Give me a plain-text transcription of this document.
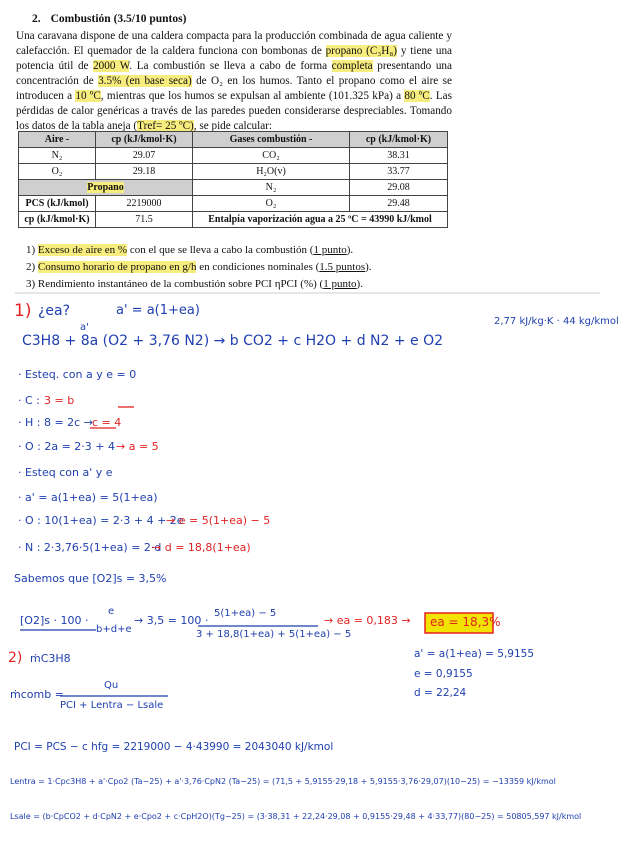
2. Combustión (3.5/10 puntos)

Una caravana dispone de una caldera compacta para la producción combinada de agua caliente y calefacción. El quemador de la caldera funciona con bombonas de propano (C₃H₈) y tiene una potencia útil de 2000 W. La combustión se lleva a cabo de forma completa presentando una concentración de 3.5% (en base seca) de O₂ en los humos. Tanto el propano como el aire se introducen a 10 ºC, mientras que los humos se expulsan al ambiente (101.325 kPa) a 80 ºC. Las pérdidas de calor genéricas a través de las paredes pueden considerarse despreciables. Tomando los datos de la tabla aneja (Tref= 25 ºC), se pide calcular:

Aire -	cp (kJ/kmol·K)	Gases combustión -	cp (kJ/kmol·K)
N₂	29.07	CO₂	38.31
O₂	29.18	H₂O(v)	33.77
Propano		N₂	29.08
PCS (kJ/kmol)	2219000	O₂	29.48
cp (kJ/kmol·K)	71.5	Entalpía vaporización agua a 25 ºC = 43990 kJ/kmol	
1) Exceso de aire en % con el que se lleva a cabo la combustión (1 punto).
2) Consumo horario de propano en g/h en condiciones nominales (1.5 puntos).
3) Rendimiento instantáneo de la combustión sobre PCI ηPCI (%) (1 punto).
1) ¿ea?	a' = a(1+ea)
2,77 kJ/kg·K · 44 kg/kmol
a'
C3H8 + 8a (O2 + 3,76 N2) → b CO2 + c H2O + d N2 + e O2
· Esteq. con a y e = 0
· C : 3 = b
· H : 8 = 2c → c = 4
· O : 2a = 2·3 + 4 → a = 5
· Esteq con a' y e
· a' = a(1+ea) = 5(1+ea)
· O : 10(1+ea) = 2·3 + 4 + 2e
→ e = 5(1+ea) − 5
· N : 2·3,76·5(1+ea) = 2·d
→ d = 18,8(1+ea)
Sabemos que [O2]s = 3,5%
[O2]s · 100 ·
e
b+d+e
→ 3,5 = 100 ·
5(1+ea) − 5
3 + 18,8(1+ea) + 5(1+ea) − 5
→ ea = 0,183 → ea = 18,3%
a' = a(1+ea) = 5,9155
e = 0,9155
d = 22,24
2) ṁC3H8
ṁcomb =
Qu
PCI + Lentra − Lsale
PCI = PCS − c hfg = 2219000 − 4·43990 = 2043040 kJ/kmol
Lentra = 1·Cpc3H8 + a'·Cpo2 (Ta−25) + a'·3,76·CpN2 (Ta−25) = (71,5 + 5,9155·29,18 + 5,9155·3,76·29,07)(10−25) = −13359 kJ/kmol
Lsale = (b·CpCO2 + d·CpN2 + e·Cpo2 + c·CpH2O)(Tg−25) = (3·38,31 + 22,24·29,08 + 0,9155·29,48 + 4·33,77)(80−25) = 50805,597 kJ/kmol
